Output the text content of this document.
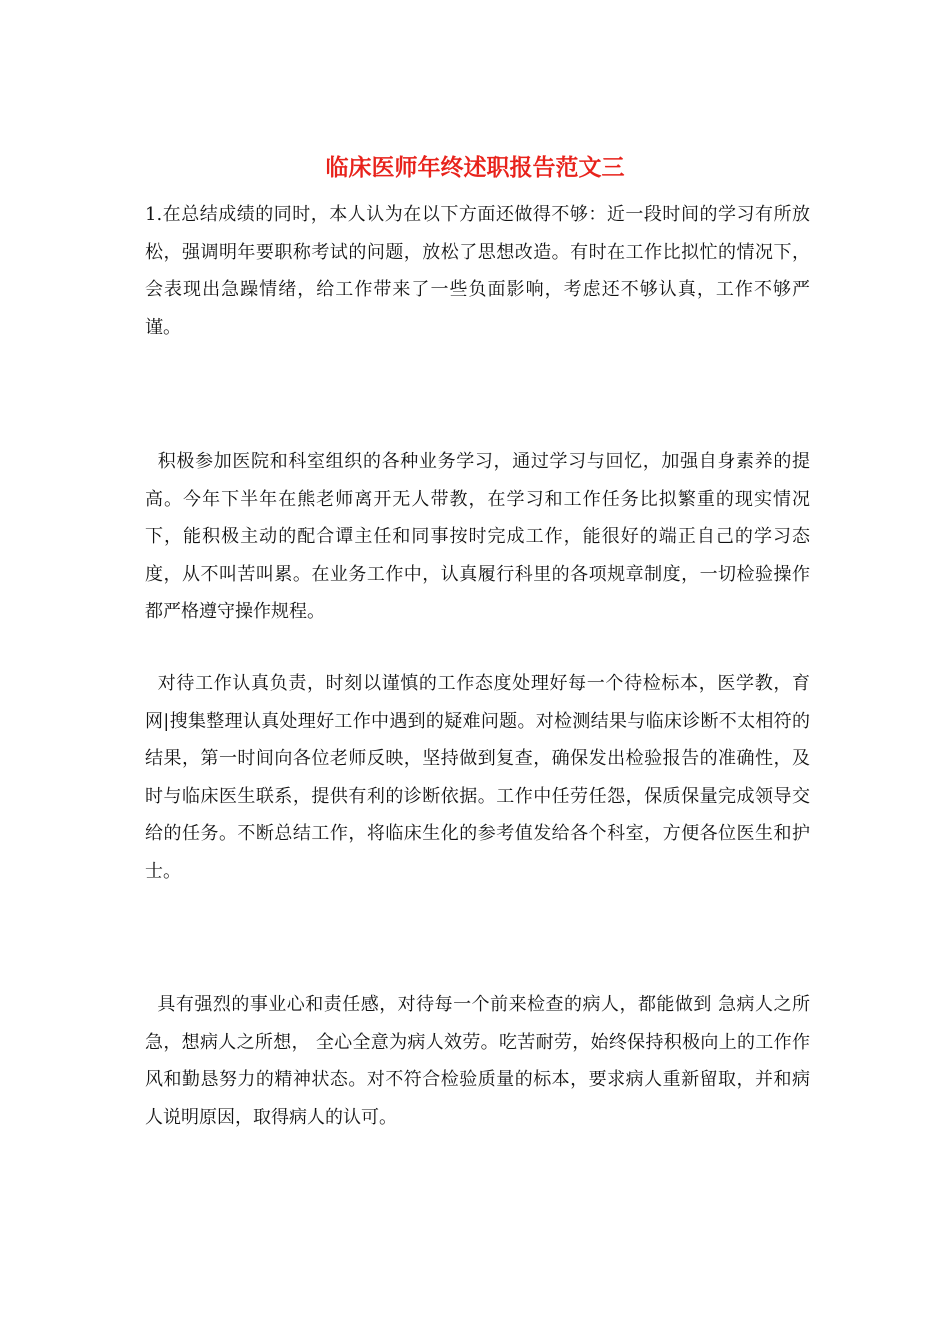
临床医师年终述职报告范文三

1.在总结成绩的同时，本人认为在以下方面还做得不够：近一段时间的学习有所放松，强调明年要职称考试的问题，放松了思想改造。有时在工作比拟忙的情况下，会表现出急躁情绪，给工作带来了一些负面影响，考虑还不够认真，工作不够严谨。

积极参加医院和科室组织的各种业务学习，通过学习与回忆，加强自身素养的提高。今年下半年在熊老师离开无人带教，在学习和工作任务比拟繁重的现实情况下，能积极主动的配合谭主任和同事按时完成工作，能很好的端正自己的学习态度，从不叫苦叫累。在业务工作中，认真履行科里的各项规章制度，一切检验操作都严格遵守操作规程。

对待工作认真负责，时刻以谨慎的工作态度处理好每一个待检标本，医学教，育网|搜集整理认真处理好工作中遇到的疑难问题。对检测结果与临床诊断不太相符的结果，第一时间向各位老师反映，坚持做到复查，确保发出检验报告的准确性，及时与临床医生联系，提供有利的诊断依据。工作中任劳任怨，保质保量完成领导交给的任务。不断总结工作，将临床生化的参考值发给各个科室，方便各位医生和护士。

具有强烈的事业心和责任感，对待每一个前来检查的病人，都能做到 急病人之所急，想病人之所想， 全心全意为病人效劳。吃苦耐劳，始终保持积极向上的工作作风和勤恳努力的精神状态。对不符合检验质量的标本，要求病人重新留取，并和病人说明原因，取得病人的认可。
